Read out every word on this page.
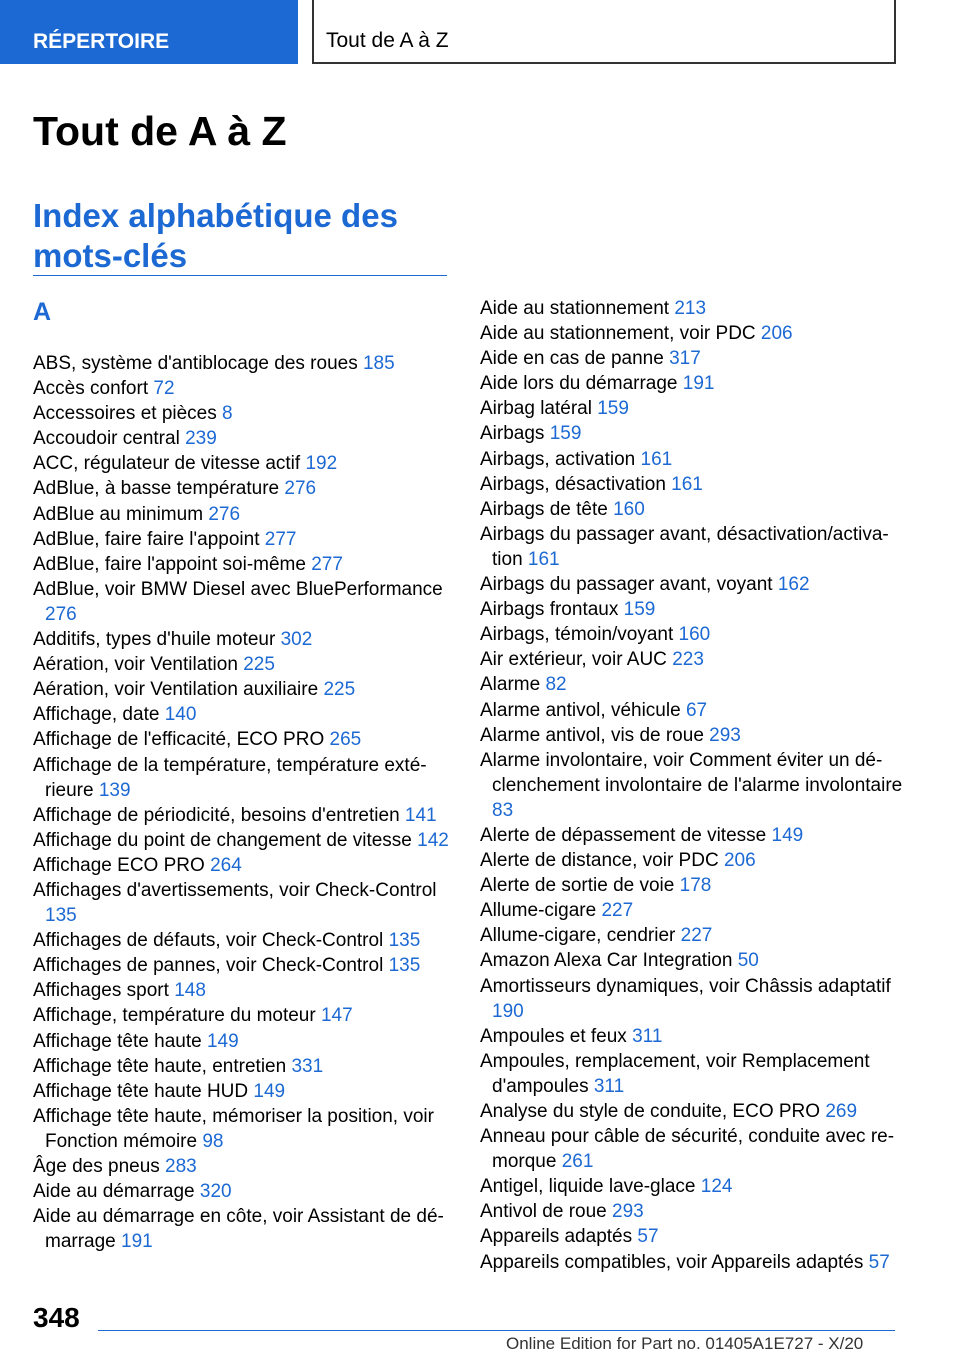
RÉPERTOIRE	Tout de A à Z
Tout de A à Z
Index alphabétique des mots-clés
A

ABS, système d'antiblocage des roues 185

Accès confort 72

Accessoires et pièces 8

Accoudoir central 239

ACC, régulateur de vitesse actif 192

AdBlue, à basse température 276

AdBlue au minimum 276

AdBlue, faire faire l'appoint 277

AdBlue, faire l'appoint soi-même 277

AdBlue, voir BMW Diesel avec BluePerformance 276

Additifs, types d'huile moteur 302

Aération, voir Ventilation 225

Aération, voir Ventilation auxiliaire 225

Affichage, date 140

Affichage de l'efficacité, ECO PRO 265

Affichage de la température, température extérieure 139

Affichage de périodicité, besoins d'entretien 141

Affichage du point de changement de vitesse 142

Affichage ECO PRO 264

Affichages d'avertissements, voir Check-Control 135

Affichages de défauts, voir Check-Control 135

Affichages de pannes, voir Check-Control 135

Affichages sport 148

Affichage, température du moteur 147

Affichage tête haute 149

Affichage tête haute, entretien 331

Affichage tête haute HUD 149

Affichage tête haute, mémoriser la position, voir Fonction mémoire 98

Âge des pneus 283

Aide au démarrage 320

Aide au démarrage en côte, voir Assistant de démarrage 191

Aide au stationnement 213

Aide au stationnement, voir PDC 206

Aide en cas de panne 317

Aide lors du démarrage 191

Airbag latéral 159

Airbags 159

Airbags, activation 161

Airbags, désactivation 161

Airbags de tête 160

Airbags du passager avant, désactivation/activation 161

Airbags du passager avant, voyant 162

Airbags frontaux 159

Airbags, témoin/voyant 160

Air extérieur, voir AUC 223

Alarme 82

Alarme antivol, véhicule 67

Alarme antivol, vis de roue 293

Alarme involontaire, voir Comment éviter un déclenchement involontaire de l'alarme involontaire 83

Alerte de dépassement de vitesse 149

Alerte de distance, voir PDC 206

Alerte de sortie de voie 178

Allume-cigare 227

Allume-cigare, cendrier 227

Amazon Alexa Car Integration 50

Amortisseurs dynamiques, voir Châssis adaptatif 190

Ampoules et feux 311

Ampoules, remplacement, voir Remplacement d'ampoules 311

Analyse du style de conduite, ECO PRO 269

Anneau pour câble de sécurité, conduite avec remorque 261

Antigel, liquide lave-glace 124

Antivol de roue 293

Appareils adaptés 57

Appareils compatibles, voir Appareils adaptés 57

348
Online Edition for Part no. 01405A1E727 - X/20
